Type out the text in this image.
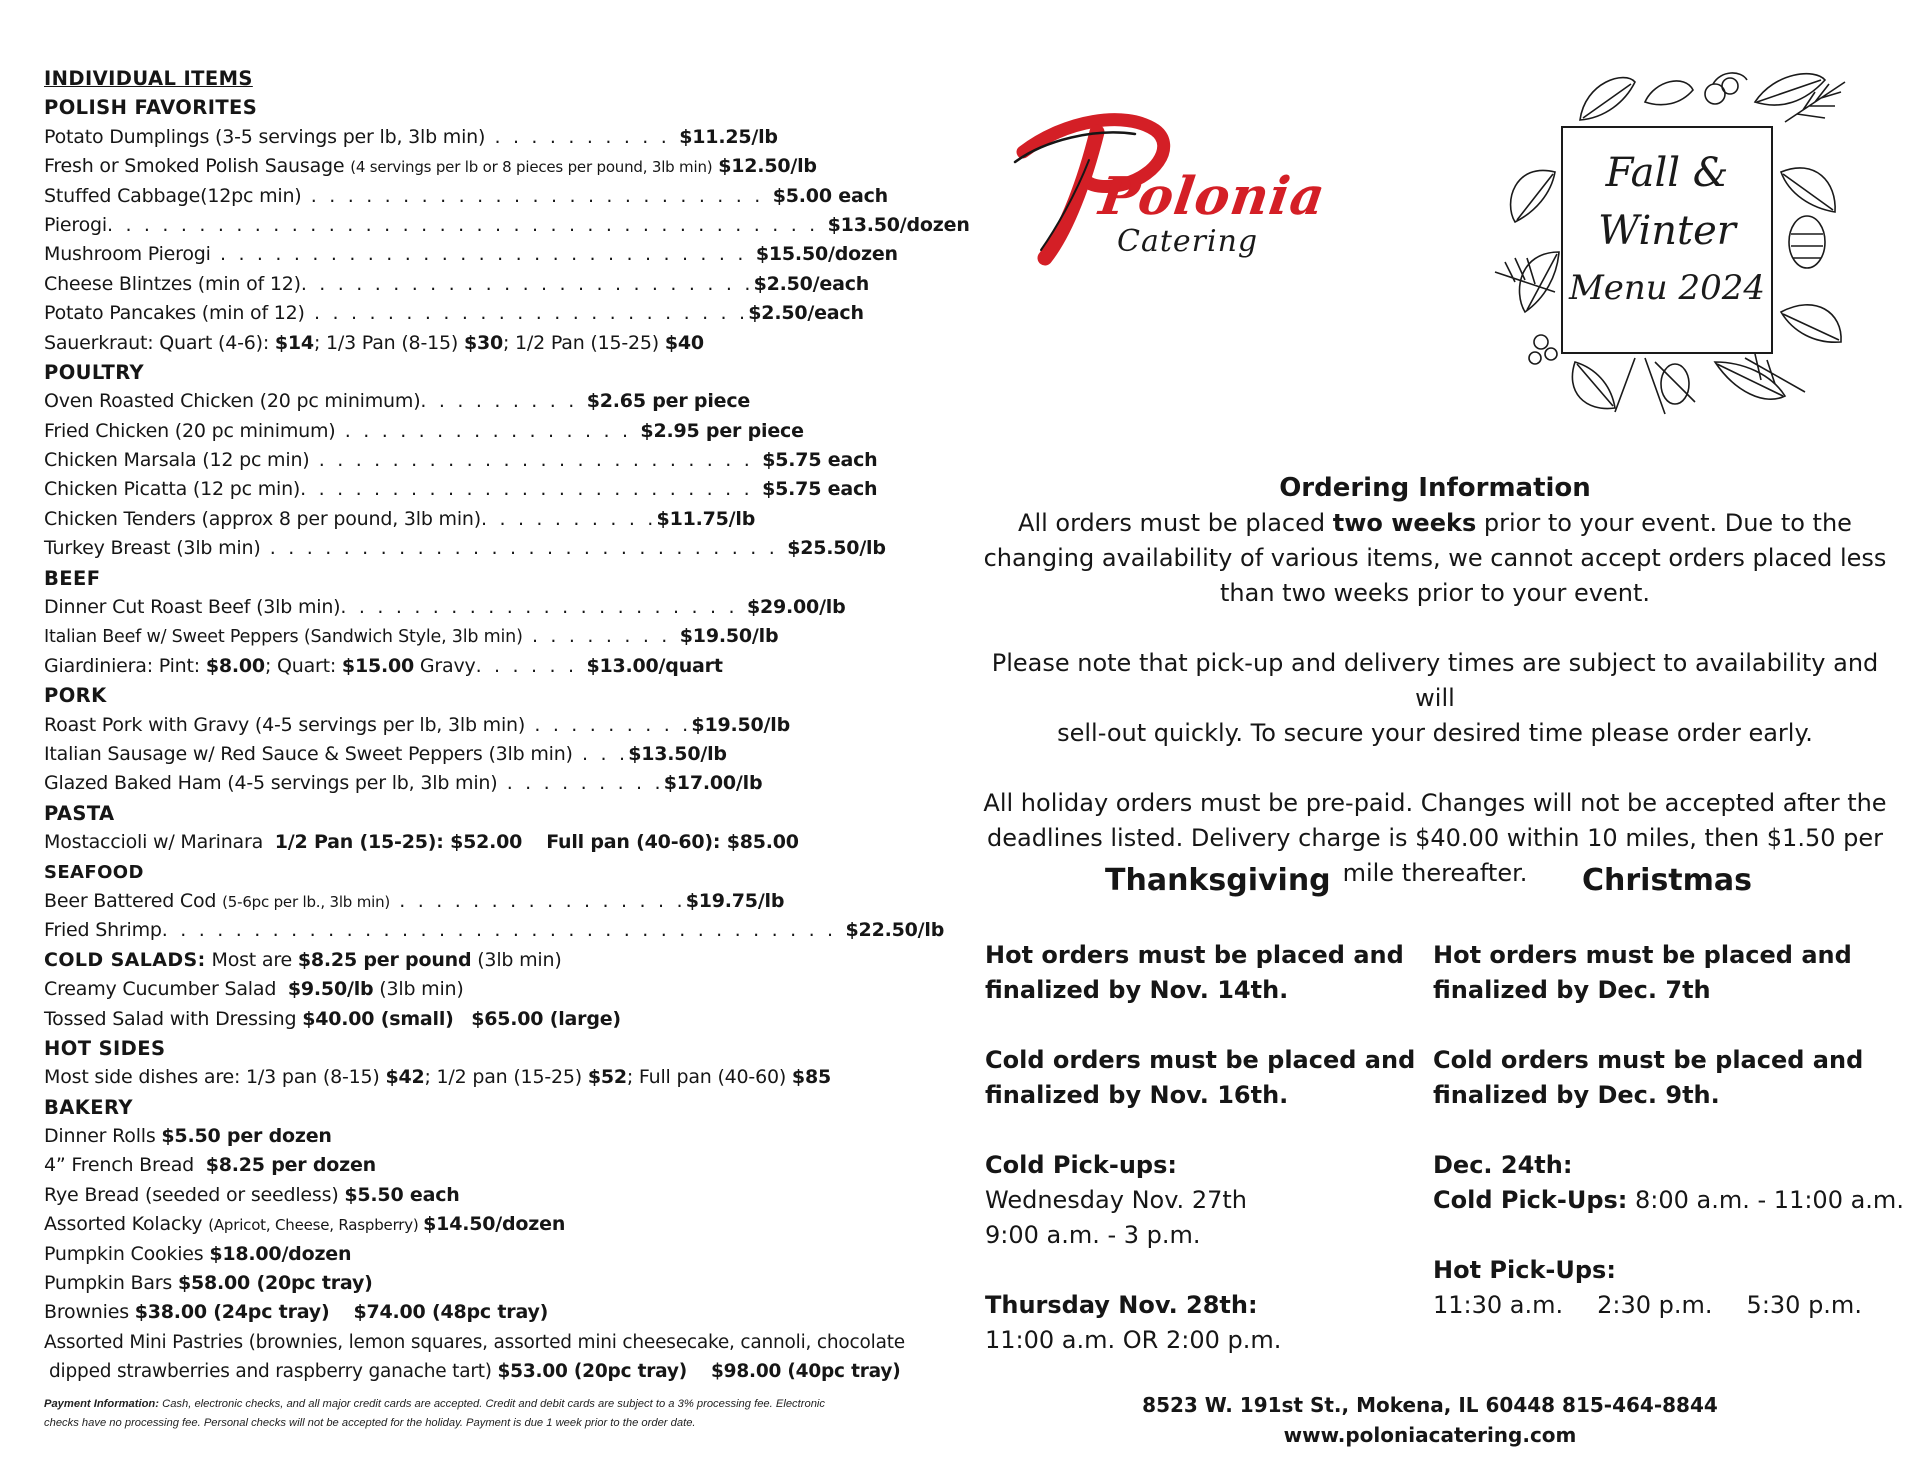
INDIVIDUAL ITEMS
POLISH FAVORITES
Potato Dumplings (3-5 servings per lb, 3lb min) . . . . . . . . . . $11.25/lb
Fresh or Smoked Polish Sausage (4 servings per lb or 8 pieces per pound, 3lb min) $12.50/lb
Stuffed Cabbage(12pc min) . . . . . . . . . . . . . . . . . . . . . . . . . $5.00 each
Pierogi. . . . . . . . . . . . . . . . . . . . . . . . . . . . . . . . . . . . . . . $13.50/dozen
Mushroom Pierogi . . . . . . . . . . . . . . . . . . . . . . . . . . . . . $15.50/dozen
Cheese Blintzes (min of 12). . . . . . . . . . . . . . . . . . . . . . . . .$2.50/each
Potato Pancakes (min of 12) . . . . . . . . . . . . . . . . . . . . . . . .$2.50/each
Sauerkraut: Quart (4-6): $14; 1/3 Pan (8-15) $30; 1/2 Pan (15-25) $40
POULTRY
Oven Roasted Chicken (20 pc minimum). . . . . . . . . $2.65 per piece
Fried Chicken (20 pc minimum) . . . . . . . . . . . . . . . . $2.95 per piece
Chicken Marsala (12 pc min) . . . . . . . . . . . . . . . . . . . . . . . . $5.75 each
Chicken Picatta (12 pc min). . . . . . . . . . . . . . . . . . . . . . . . . $5.75 each
Chicken Tenders (approx 8 per pound, 3lb min). . . . . . . . . .$11.75/lb
Turkey Breast (3lb min) . . . . . . . . . . . . . . . . . . . . . . . . . . . . $25.50/lb
BEEF
Dinner Cut Roast Beef (3lb min). . . . . . . . . . . . . . . . . . . . . . $29.00/lb
Italian Beef w/ Sweet Peppers (Sandwich Style, 3lb min) . . . . . . . . $19.50/lb
Giardiniera: Pint: $8.00; Quart: $15.00 Gravy. . . . . . $13.00/quart
PORK
Roast Pork with Gravy (4-5 servings per lb, 3lb min) . . . . . . . . .$19.50/lb
Italian Sausage w/ Red Sauce & Sweet Peppers (3lb min) . . .$13.50/lb
Glazed Baked Ham (4-5 servings per lb, 3lb min) . . . . . . . . .$17.00/lb
PASTA
Mostaccioli w/ Marinara 1/2 Pan (15-25): $52.00 Full pan (40-60): $85.00
SEAFOOD
Beer Battered Cod (5-6pc per lb., 3lb min) . . . . . . . . . . . . . . . .$19.75/lb
Fried Shrimp. . . . . . . . . . . . . . . . . . . . . . . . . . . . . . . . . . . . . $22.50/lb
COLD SALADS: Most are $8.25 per pound (3lb min)
Creamy Cucumber Salad $9.50/lb (3lb min)
Tossed Salad with Dressing $40.00 (small) $65.00 (large)
HOT SIDES
Most side dishes are: 1/3 pan (8-15) $42; 1/2 pan (15-25) $52; Full pan (40-60) $85
BAKERY
Dinner Rolls $5.50 per dozen
4” French Bread  $8.25 per dozen
Rye Bread (seeded or seedless) $5.50 each
Assorted Kolacky (Apricot, Cheese, Raspberry) $14.50/dozen
Pumpkin Cookies $18.00/dozen
Pumpkin Bars $58.00 (20pc tray)
Brownies $38.00 (24pc tray) $74.00 (48pc tray)
Assorted Mini Pastries (brownies, lemon squares, assorted mini cheesecake, cannoli, chocolate
dipped strawberries and raspberry ganache tart) $53.00 (20pc tray) $98.00 (40pc tray)
Payment Information: Cash, electronic checks, and all major credit cards are accepted. Credit and debit cards are subject to a 3% processing fee. Electronic
checks have no processing fee. Personal checks will not be accepted for the holiday. Payment is due 1 week prior to the order date.
Polonia
Catering
Fall &
Winter
Menu 2024
Ordering Information

All orders must be placed two weeks prior to your event. Due to the

changing availability of various items, we cannot accept orders placed less

than two weeks prior to your event.

Please note that pick-up and delivery times are subject to availability and will

sell-out quickly. To secure your desired time please order early.

All holiday orders must be pre-paid. Changes will not be accepted after the

deadlines listed. Delivery charge is $40.00 within 10 miles, then $1.50 per

mile thereafter.

Thanksgiving	Christmas
Hot orders must be placed and
finalized by Nov. 14th.
Cold orders must be placed and
finalized by Nov. 16th.
Cold Pick-ups:
Wednesday Nov. 27th
9:00 a.m. - 3 p.m.
Thursday Nov. 28th:
11:00 a.m. OR 2:00 p.m.
Hot orders must be placed and
finalized by Dec. 7th
Cold orders must be placed and
finalized by Dec. 9th.
Dec. 24th:
Cold Pick-Ups: 8:00 a.m. - 11:00 a.m.
Hot Pick-Ups:
11:30 a.m. 2:30 p.m. 5:30 p.m.
8523 W. 191st St., Mokena, IL 60448 815-464-8844
www.poloniacatering.com
